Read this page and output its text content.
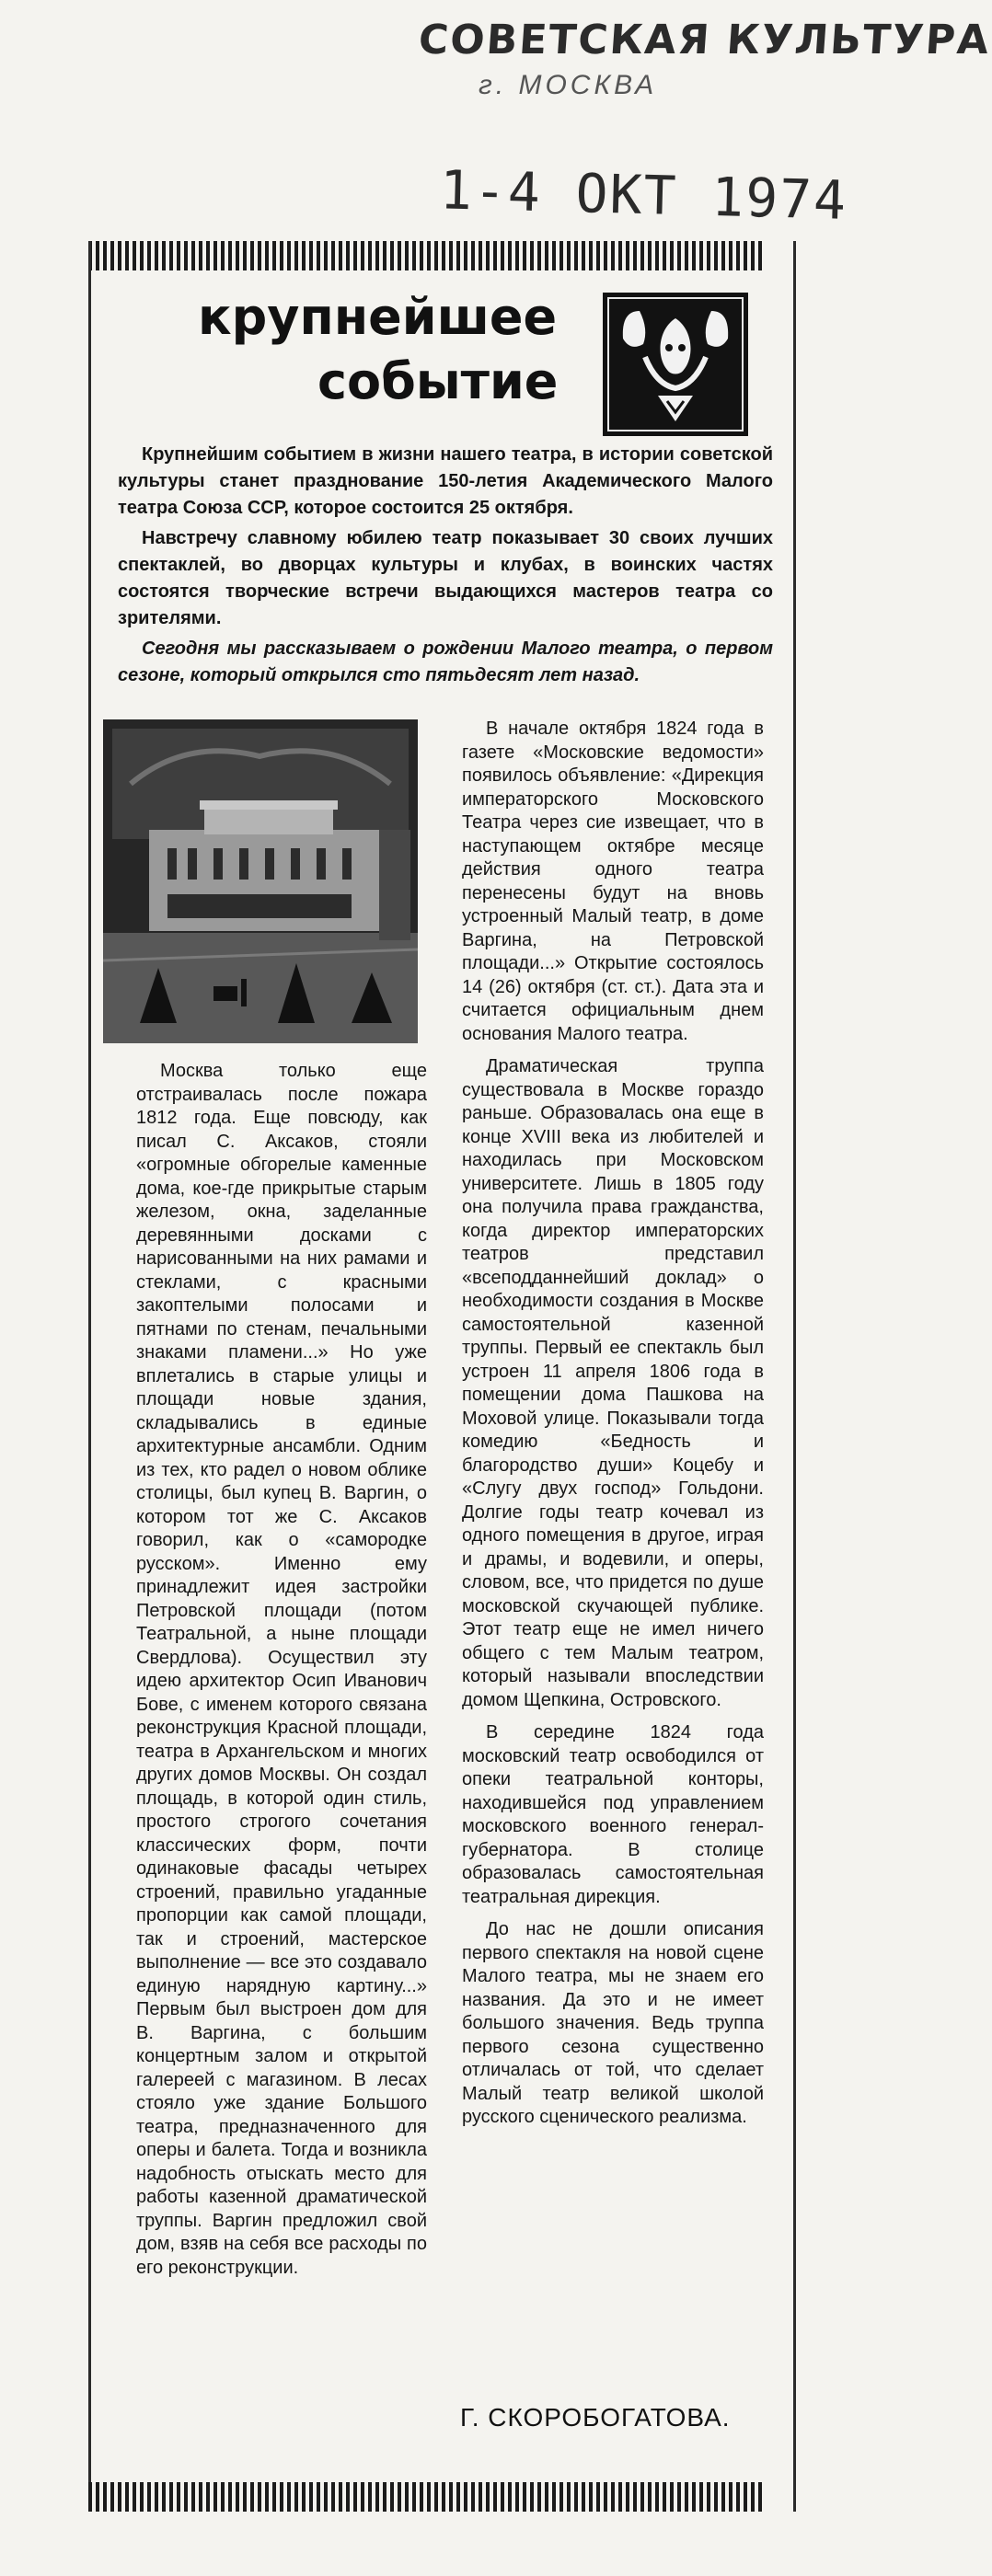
СОВЕТСКАЯ КУЛЬТУРА
г. МОСКВА
1-4 ОКТ 1974
крупнейшее
событие

Крупнейшим событием в жизни нашего театра, в истории советской культуры станет празднование 150-летия Академического Малого театра Союза ССР, которое состоится 25 октября.

Навстречу славному юбилею театр показывает 30 своих лучших спектаклей, во дворцах культуры и клубах, в воинских частях состоятся творческие встречи выдающихся мастеров театра со зрителями.

Сегодня мы рассказываем о рождении Малого театра, о первом сезоне, который открылся сто пятьдесят лет назад.

Москва только еще отстраивалась после пожара 1812 года. Еще повсюду, как писал С. Аксаков, стояли «огромные обгорелые каменные дома, кое-где прикрытые старым железом, окна, заделанные деревянными досками с нарисованными на них рамами и стеклами, с красными закоптелыми полосами и пятнами по стенам, печальными знаками пламени...» Но уже вплетались в старые улицы и площади новые здания, складывались в единые архитектурные ансамбли. Одним из тех, кто радел о новом облике столицы, был купец В. Варгин, о котором тот же С. Аксаков говорил, как о «самородке русском». Именно ему принадлежит идея застройки Петровской площади (потом Театральной, а ныне площади Свердлова). Осуществил эту идею архитектор Осип Иванович Бове, с именем которого связана реконструкция Красной площади, театра в Архангельском и многих других домов Москвы. Он создал площадь, в которой один стиль, простого строгого сочетания классических форм, почти одинаковые фасады четырех строений, правильно угаданные пропорции как самой площади, так и строений, мастерское выполнение — все это создавало единую нарядную картину...» Первым был выстроен дом для В. Варгина, с большим концертным залом и открытой галереей с магазином. В лесах стояло уже здание Большого театра, предназначенного для оперы и балета. Тогда и возникла надобность отыскать место для работы казенной драматической труппы. Варгин предложил свой дом, взяв на себя все расходы по его реконструкции.

В начале октября 1824 года в газете «Московские ведомости» появилось объявление: «Дирекция императорского Московского Театра через сие извещает, что в наступающем октябре месяце действия одного театра перенесены будут на вновь устроенный Малый театр, в доме Варгина, на Петровской площади...» Открытие состоялось 14 (26) октября (ст. ст.). Дата эта и считается официальным днем основания Малого театра.

Драматическая труппа существовала в Москве гораздо раньше. Образовалась она еще в конце XVIII века из любителей и находилась при Московском университете. Лишь в 1805 году она получила права гражданства, когда директор императорских театров представил «всеподданнейший доклад» о необходимости создания в Москве самостоятельной казенной труппы. Первый ее спектакль был устроен 11 апреля 1806 года в помещении дома Пашкова на Моховой улице. Показывали тогда комедию «Бедность и благородство души» Коцебу и «Слугу двух господ» Гольдони. Долгие годы театр кочевал из одного помещения в другое, играя и драмы, и водевили, и оперы, словом, все, что придется по душе московской скучающей публике. Этот театр еще не имел ничего общего с тем Малым театром, который называли впоследствии домом Щепкина, Островского.

В середине 1824 года московский театр освободился от опеки театральной конторы, находившейся под управлением московского военного генерал-губернатора. В столице образовалась самостоятельная театральная дирекция.

До нас не дошли описания первого спектакля на новой сцене Малого театра, мы не знаем его названия. Да это и не имеет большого значения. Ведь труппа первого сезона существенно отличалась от той, что сделает Малый театр великой школой русского сценического реализма.

Г. СКОРОБОГАТОВА.
